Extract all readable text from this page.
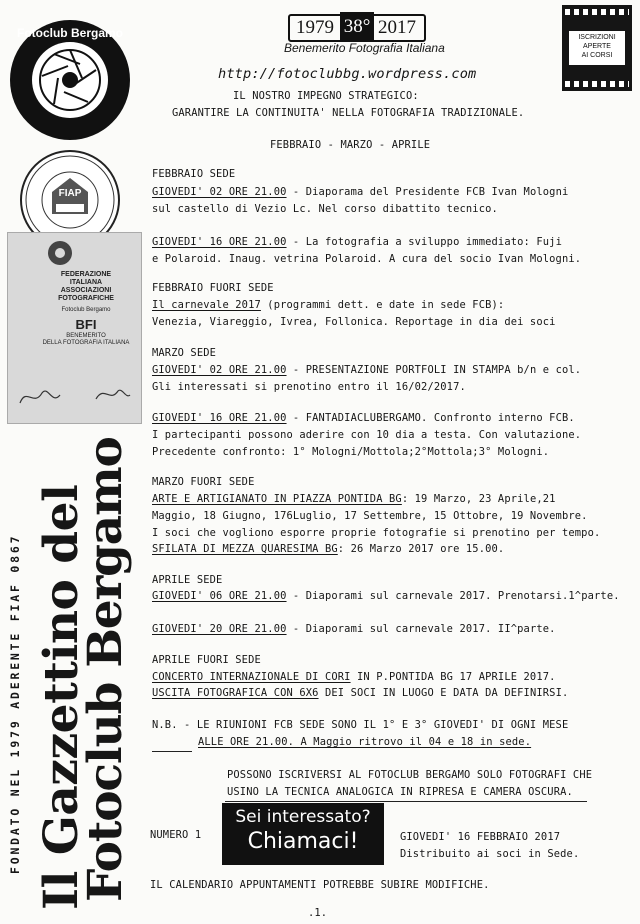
Fotoclub Bergamo
FIAP
FEDERAZIONE
ITALIANA
ASSOCIAZIONI
FOTOGRAFICHE
Fotoclub Bergamo
BFI
BENEMERITO
DELLA FOTOGRAFIA ITALIANA
FONDATO NEL 1979 ADERENTE FIAF 0867 Il Gazzettino del
Fotoclub Bergamo
1979 38° 2017
Benemerito Fotografia Italiana
ISCRIZIONI
APERTE
AI CORSI
http://fotoclubbg.wordpress.com
IL NOSTRO IMPEGNO STRATEGICO:
GARANTIRE LA CONTINUITA' NELLA FOTOGRAFIA TRADIZIONALE.
FEBBRAIO - MARZO - APRILE
FEBBRAIO SEDE
GIOVEDI' 02 ORE 21.00 - Diaporama del Presidente FCB Ivan Mologni
sul castello di Vezio Lc. Nel corso dibattito tecnico.
GIOVEDI' 16 ORE 21.00 - La fotografia a sviluppo immediato: Fuji
e Polaroid. Inaug. vetrina Polaroid. A cura del socio Ivan Mologni.
FEBBRAIO FUORI SEDE
Il carnevale 2017 (programmi dett. e date in sede FCB):
Venezia, Viareggio, Ivrea, Follonica. Reportage in dia dei soci
MARZO SEDE
GIOVEDI' 02 ORE 21.00 - PRESENTAZIONE PORTFOLI IN STAMPA b/n e col.
Gli interessati si prenotino entro il 16/02/2017.
GIOVEDI' 16 ORE 21.00 - FANTADIACLUBERGAMO. Confronto interno FCB.
I partecipanti possono aderire con 10 dia a testa. Con valutazione.
Precedente confronto: 1° Mologni/Mottola;2°Mottola;3° Mologni.
MARZO FUORI SEDE
ARTE E ARTIGIANATO IN PIAZZA PONTIDA BG: 19 Marzo, 23 Aprile,21
Maggio, 18 Giugno, 176Luglio, 17 Settembre, 15 Ottobre, 19 Novembre.
I soci che vogliono esporre proprie fotografie si prenotino per tempo.
SFILATA DI MEZZA QUARESIMA BG: 26 Marzo 2017 ore 15.00.
APRILE SEDE
GIOVEDI' 06 ORE 21.00 - Diaporami sul carnevale 2017. Prenotarsi.1^parte.
GIOVEDI' 20 ORE 21.00 - Diaporami sul carnevale 2017. II^parte.
APRILE FUORI SEDE
CONCERTO INTERNAZIONALE DI CORI IN P.PONTIDA BG 17 APRILE 2017.
USCITA FOTOGRAFICA CON 6X6 DEI SOCI IN LUOGO E DATA DA DEFINIRSI.
N.B. - LE RIUNIONI FCB SEDE SONO IL 1° E 3° GIOVEDI' DI OGNI MESE
ALLE ORE 21.00. A Maggio ritrovo il 04 e 18 in sede.
POSSONO ISCRIVERSI AL FOTOCLUB BERGAMO SOLO FOTOGRAFI CHE
USINO LA TECNICA ANALOGICA IN RIPRESA E CAMERA OSCURA.
NUMERO 1
Sei interessato?
Chiamaci!	GIOVEDI' 16 FEBBRAIO 2017
Distribuito ai soci in Sede.
IL CALENDARIO APPUNTAMENTI POTREBBE SUBIRE MODIFICHE.
.1.
